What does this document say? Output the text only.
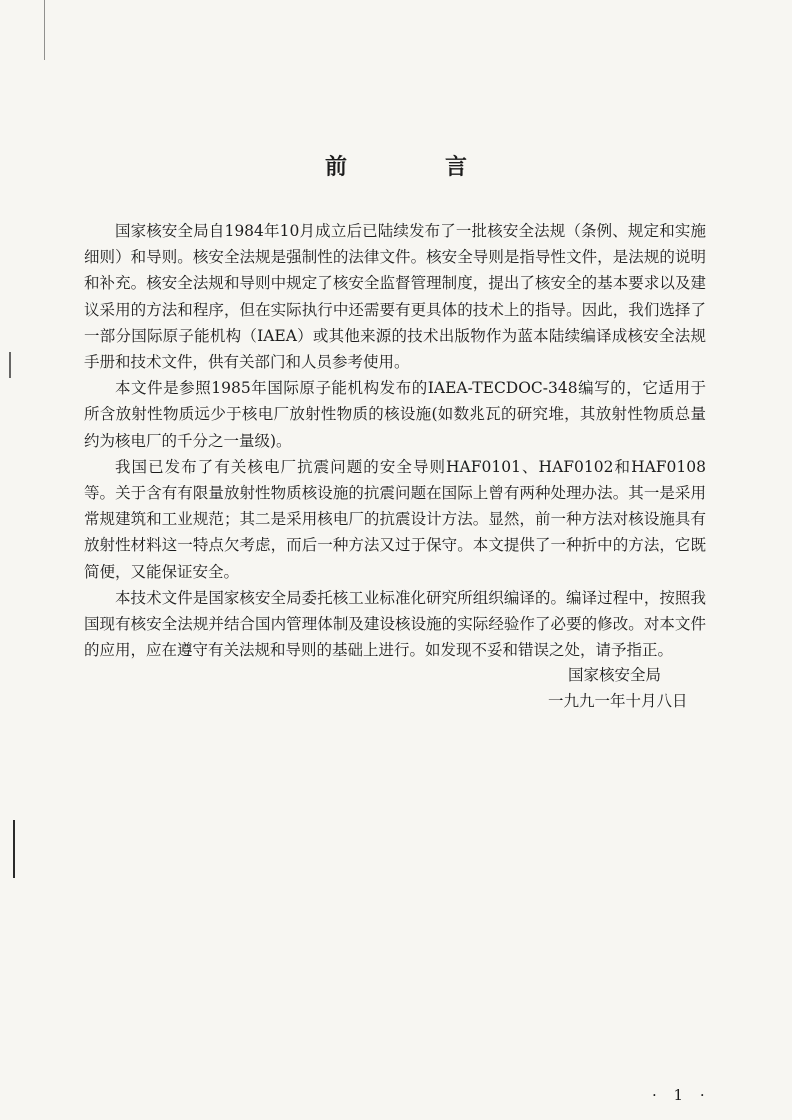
前　言

国家核安全局自1984年10月成立后已陆续发布了一批核安全法规（条例、规定和实施细则）和导则。核安全法规是强制性的法律文件。核安全导则是指导性文件，是法规的说明和补充。核安全法规和导则中规定了核安全监督管理制度，提出了核安全的基本要求以及建议采用的方法和程序，但在实际执行中还需要有更具体的技术上的指导。因此，我们选择了一部分国际原子能机构（IAEA）或其他来源的技术出版物作为蓝本陆续编译成核安全法规手册和技术文件，供有关部门和人员参考使用。

本文件是参照1985年国际原子能机构发布的IAEA-TECDOC-348编写的，它适用于所含放射性物质远少于核电厂放射性物质的核设施(如数兆瓦的研究堆，其放射性物质总量约为核电厂的千分之一量级)。

我国已发布了有关核电厂抗震问题的安全导则HAF0101、HAF0102和HAF0108等。关于含有有限量放射性物质核设施的抗震问题在国际上曾有两种处理办法。其一是采用常规建筑和工业规范；其二是采用核电厂的抗震设计方法。显然，前一种方法对核设施具有放射性材料这一特点欠考虑，而后一种方法又过于保守。本文提供了一种折中的方法，它既简便，又能保证安全。

本技术文件是国家核安全局委托核工业标准化研究所组织编译的。编译过程中，按照我国现有核安全法规并结合国内管理体制及建设核设施的实际经验作了必要的修改。对本文件的应用，应在遵守有关法规和导则的基础上进行。如发现不妥和错误之处，请予指正。

国家核安全局
一九九一年十月八日
· 1 ·
